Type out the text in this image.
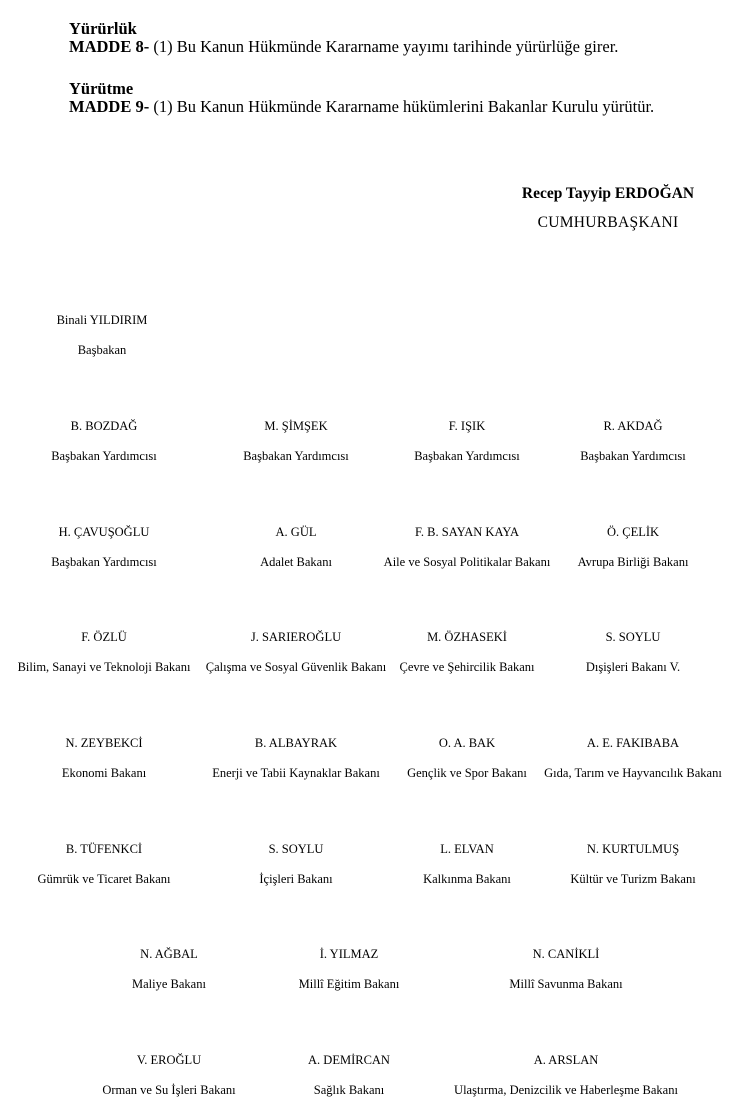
Yürürlük
MADDE 8- (1) Bu Kanun Hükmünde Kararname yayımı tarihinde yürürlüğe girer.
Yürütme
MADDE 9- (1) Bu Kanun Hükmünde Kararname hükümlerini Bakanlar Kurulu yürütür.
Recep Tayyip ERDOĞAN
CUMHURBAŞKANI
Binali YILDIRIM
Başbakan
B. BOZDAĞ
Başbakan Yardımcısı
M. ŞİMŞEK
Başbakan Yardımcısı
F. IŞIK
Başbakan Yardımcısı
R. AKDAĞ
Başbakan Yardımcısı
H. ÇAVUŞOĞLU
Başbakan Yardımcısı
A. GÜL
Adalet Bakanı
F. B. SAYAN KAYA
Aile ve Sosyal Politikalar Bakanı
Ö. ÇELİK
Avrupa Birliği Bakanı
F. ÖZLÜ
Bilim, Sanayi ve Teknoloji Bakanı
J. SARIEROĞLU
Çalışma ve Sosyal Güvenlik Bakanı
M. ÖZHASEKİ
Çevre ve Şehircilik Bakanı
S. SOYLU
Dışişleri Bakanı V.
N. ZEYBEKCİ
Ekonomi Bakanı
B. ALBAYRAK
Enerji ve Tabii Kaynaklar Bakanı
O. A. BAK
Gençlik ve Spor Bakanı
A. E. FAKIBABA
Gıda, Tarım ve Hayvancılık Bakanı
B. TÜFENKCİ
Gümrük ve Ticaret Bakanı
S. SOYLU
İçişleri Bakanı
L. ELVAN
Kalkınma Bakanı
N. KURTULMUŞ
Kültür ve Turizm Bakanı
N. AĞBAL
Maliye Bakanı
İ. YILMAZ
Millî Eğitim Bakanı
N. CANİKLİ
Millî Savunma Bakanı
V. EROĞLU
Orman ve Su İşleri Bakanı
A. DEMİRCAN
Sağlık Bakanı
A. ARSLAN
Ulaştırma, Denizcilik ve Haberleşme Bakanı
